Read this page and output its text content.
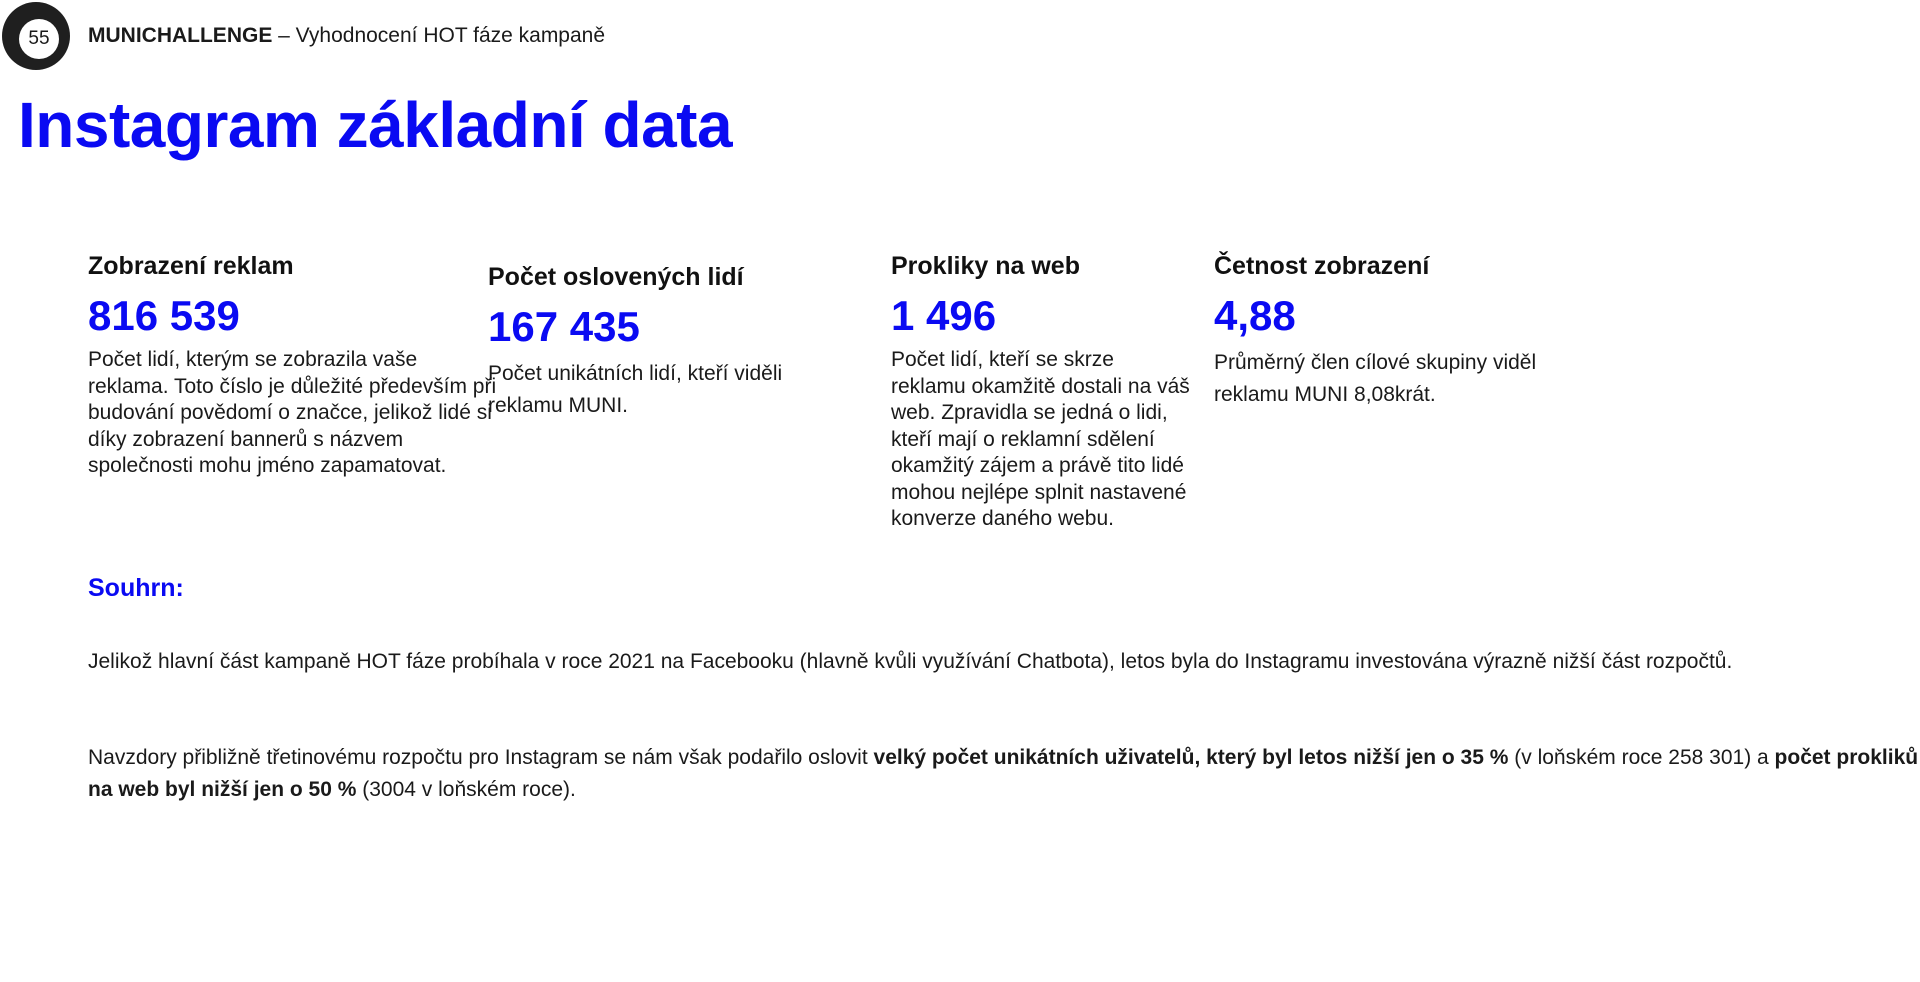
55	MUNICHALLENGE – Vyhodnocení HOT fáze kampaně
Instagram základní data
Zobrazení reklam
816 539
Počet lidí, kterým se zobrazila vaše reklama. Toto číslo je důležité především při budování povědomí o značce, jelikož lidé si díky zobrazení bannerů s názvem společnosti mohu jméno zapamatovat.
Počet oslovených lidí
167 435
Počet unikátních lidí, kteří viděli reklamu MUNI.
Prokliky na web
1 496
Počet lidí, kteří se skrze reklamu okamžitě dostali na váš web. Zpravidla se jedná o lidi, kteří mají o reklamní sdělení okamžitý zájem a právě tito lidé mohou nejlépe splnit nastavené konverze daného webu.
Četnost zobrazení
4,88
Průměrný člen cílové skupiny viděl reklamu MUNI 8,08krát.
Souhrn:
Jelikož hlavní část kampaně HOT fáze probíhala v roce 2021 na Facebooku (hlavně kvůli využívání Chatbota), letos byla do Instagramu investována výrazně nižší část rozpočtů.
Navzdory přibližně třetinovému rozpočtu pro Instagram se nám však podařilo oslovit velký počet unikátních uživatelů, který byl letos nižší jen o 35 % (v loňském roce 258 301) a počet prokliků na web byl nižší jen o 50 % (3004 v loňském roce).
